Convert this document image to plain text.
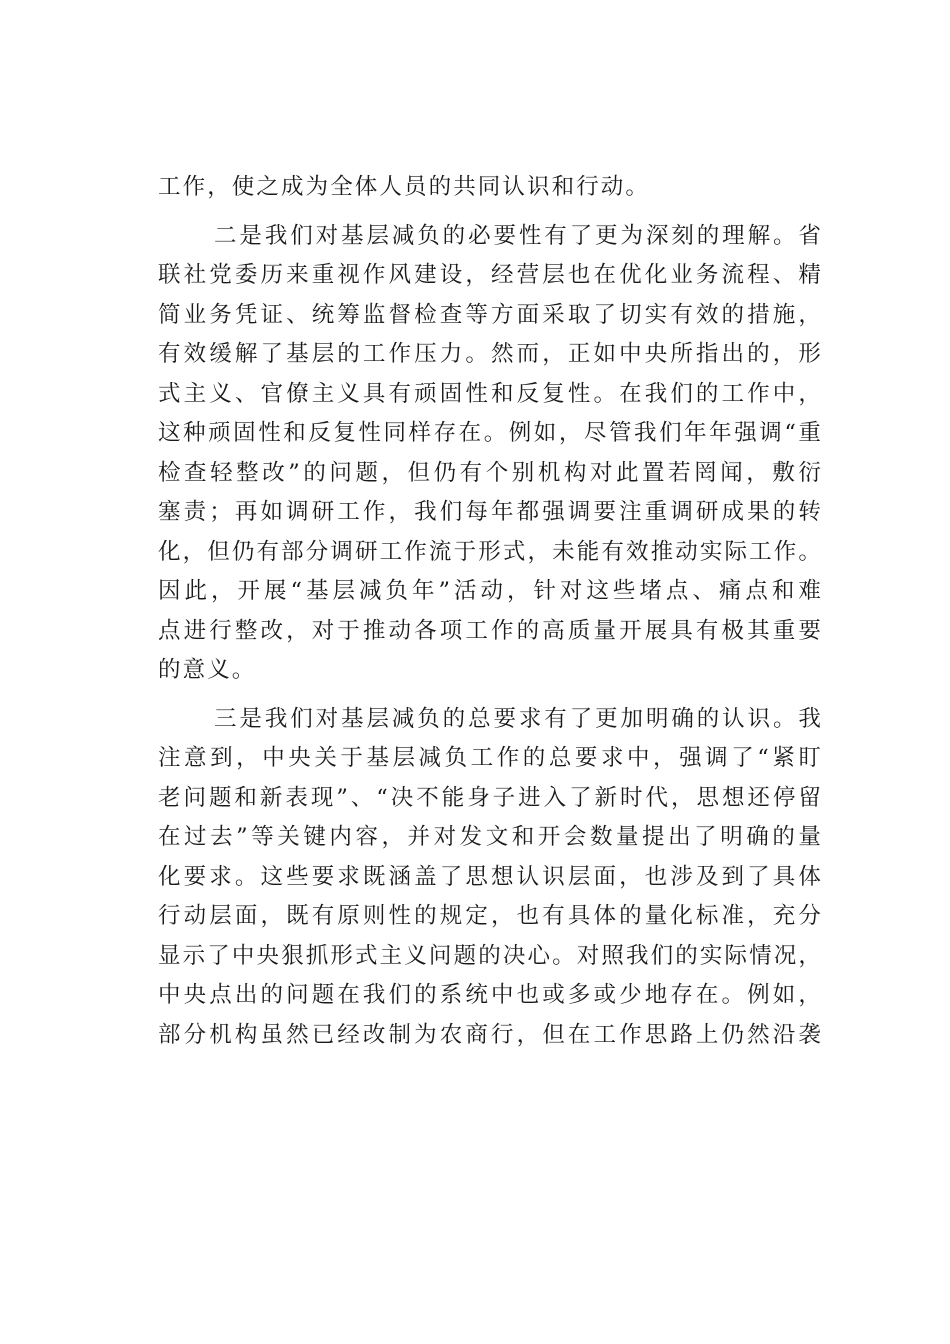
工作，使之成为全体人员的共同认识和行动。
二是我们对基层减负的必要性有了更为深刻的理解。省
联社党委历来重视作风建设，经营层也在优化业务流程、精
简业务凭证、统筹监督检查等方面采取了切实有效的措施，
有效缓解了基层的工作压力。然而，正如中央所指出的，形
式主义、官僚主义具有顽固性和反复性。在我们的工作中，
这种顽固性和反复性同样存在。例如，尽管我们年年强调“重
检查轻整改”的问题，但仍有个别机构对此置若罔闻，敷衍
塞责；再如调研工作，我们每年都强调要注重调研成果的转
化，但仍有部分调研工作流于形式，未能有效推动实际工作。
因此，开展“基层减负年”活动，针对这些堵点、痛点和难
点进行整改，对于推动各项工作的高质量开展具有极其重要
的意义。
三是我们对基层减负的总要求有了更加明确的认识。我
注意到，中央关于基层减负工作的总要求中，强调了“紧盯
老问题和新表现”、“决不能身子进入了新时代，思想还停留
在过去”等关键内容，并对发文和开会数量提出了明确的量
化要求。这些要求既涵盖了思想认识层面，也涉及到了具体
行动层面，既有原则性的规定，也有具体的量化标准，充分
显示了中央狠抓形式主义问题的决心。对照我们的实际情况，
中央点出的问题在我们的系统中也或多或少地存在。例如，
部分机构虽然已经改制为农商行，但在工作思路上仍然沿袭
